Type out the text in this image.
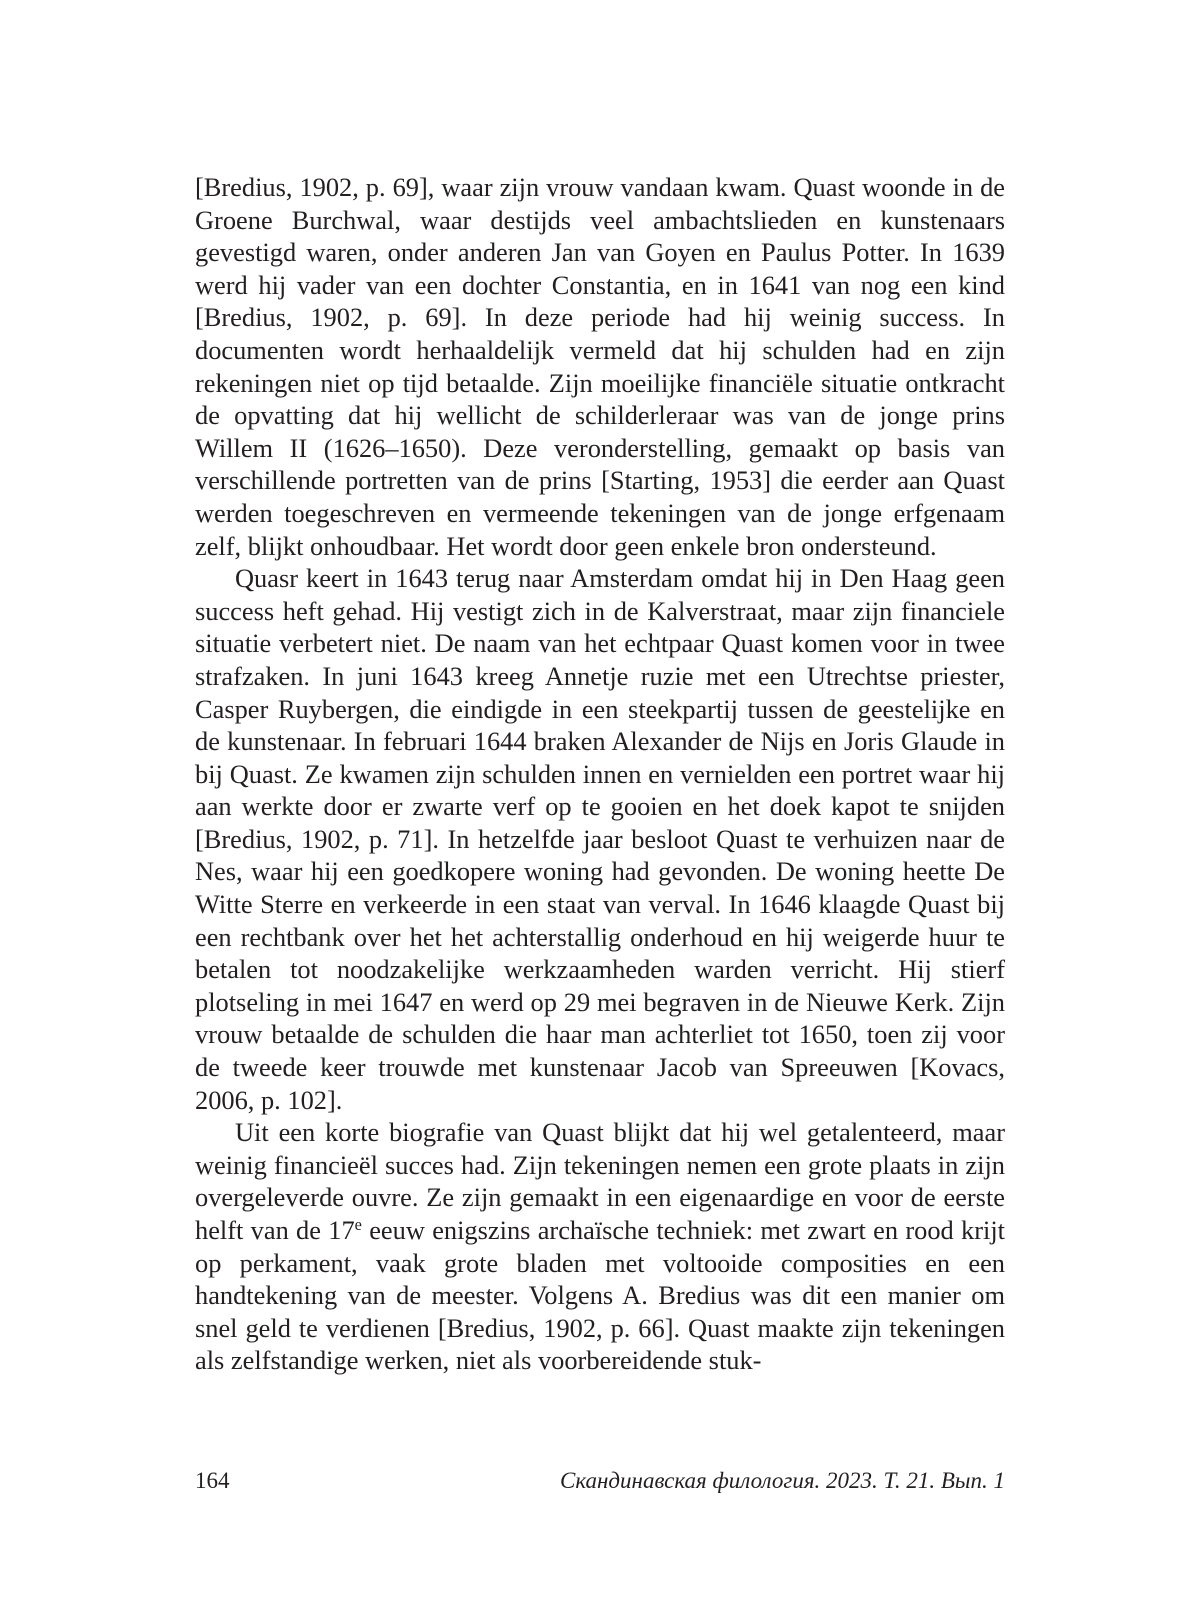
[Bredius, 1902, p. 69], waar zijn vrouw vandaan kwam. Quast woonde in de Groene Burchwal, waar destijds veel ambachtslieden en kunstenaars gevestigd waren, onder anderen Jan van Goyen en Paulus Potter. In 1639 werd hij vader van een dochter Constantia, en in 1641 van nog een kind [Bredius, 1902, p. 69]. In deze periode had hij weinig success. In documenten wordt herhaaldelijk vermeld dat hij schulden had en zijn rekeningen niet op tijd betaalde. Zijn moeilijke financiële situatie ontkracht de opvatting dat hij wellicht de schilderleraar was van de jonge prins Willem II (1626–1650). Deze veronderstelling, gemaakt op basis van verschillende portretten van de prins [Starting, 1953] die eerder aan Quast werden toegeschreven en vermeende tekeningen van de jonge erfgenaam zelf, blijkt onhoudbaar. Het wordt door geen enkele bron ondersteund.

Quasr keert in 1643 terug naar Amsterdam omdat hij in Den Haag geen success heft gehad. Hij vestigt zich in de Kalverstraat, maar zijn financiele situatie verbetert niet. De naam van het echtpaar Quast komen voor in twee strafzaken. In juni 1643 kreeg Annetje ruzie met een Utrechtse priester, Casper Ruybergen, die eindigde in een steekpartij tussen de geestelijke en de kunstenaar. In februari 1644 braken Alexander de Nijs en Joris Glaude in bij Quast. Ze kwamen zijn schulden innen en vernielden een portret waar hij aan werkte door er zwarte verf op te gooien en het doek kapot te snijden [Bredius, 1902, p. 71]. In hetzelfde jaar besloot Quast te verhuizen naar de Nes, waar hij een goedkopere woning had gevonden. De woning heette De Witte Sterre en verkeerde in een staat van verval. In 1646 klaagde Quast bij een rechtbank over het het achterstallig onderhoud en hij weigerde huur te betalen tot noodzakelijke werkzaamheden warden verricht. Hij stierf plotseling in mei 1647 en werd op 29 mei begraven in de Nieuwe Kerk. Zijn vrouw betaalde de schulden die haar man achterliet tot 1650, toen zij voor de tweede keer trouwde met kunstenaar Jacob van Spreeuwen [Kovacs, 2006, p. 102].

Uit een korte biografie van Quast blijkt dat hij wel getalenteerd, maar weinig financieël succes had. Zijn tekeningen nemen een grote plaats in zijn overgeleverde ouvre. Ze zijn gemaakt in een eigenaardige en voor de eerste helft van de 17e eeuw enigszins archaïsche techniek: met zwart en rood krijt op perkament, vaak grote bladen met voltooide composities en een handtekening van de meester. Volgens A. Bredius was dit een manier om snel geld te verdienen [Bredius, 1902, p. 66]. Quast maakte zijn tekeningen als zelfstandige werken, niet als voorbereidende stuk-

164	Скандинавская филология. 2023. Т. 21. Вып. 1
